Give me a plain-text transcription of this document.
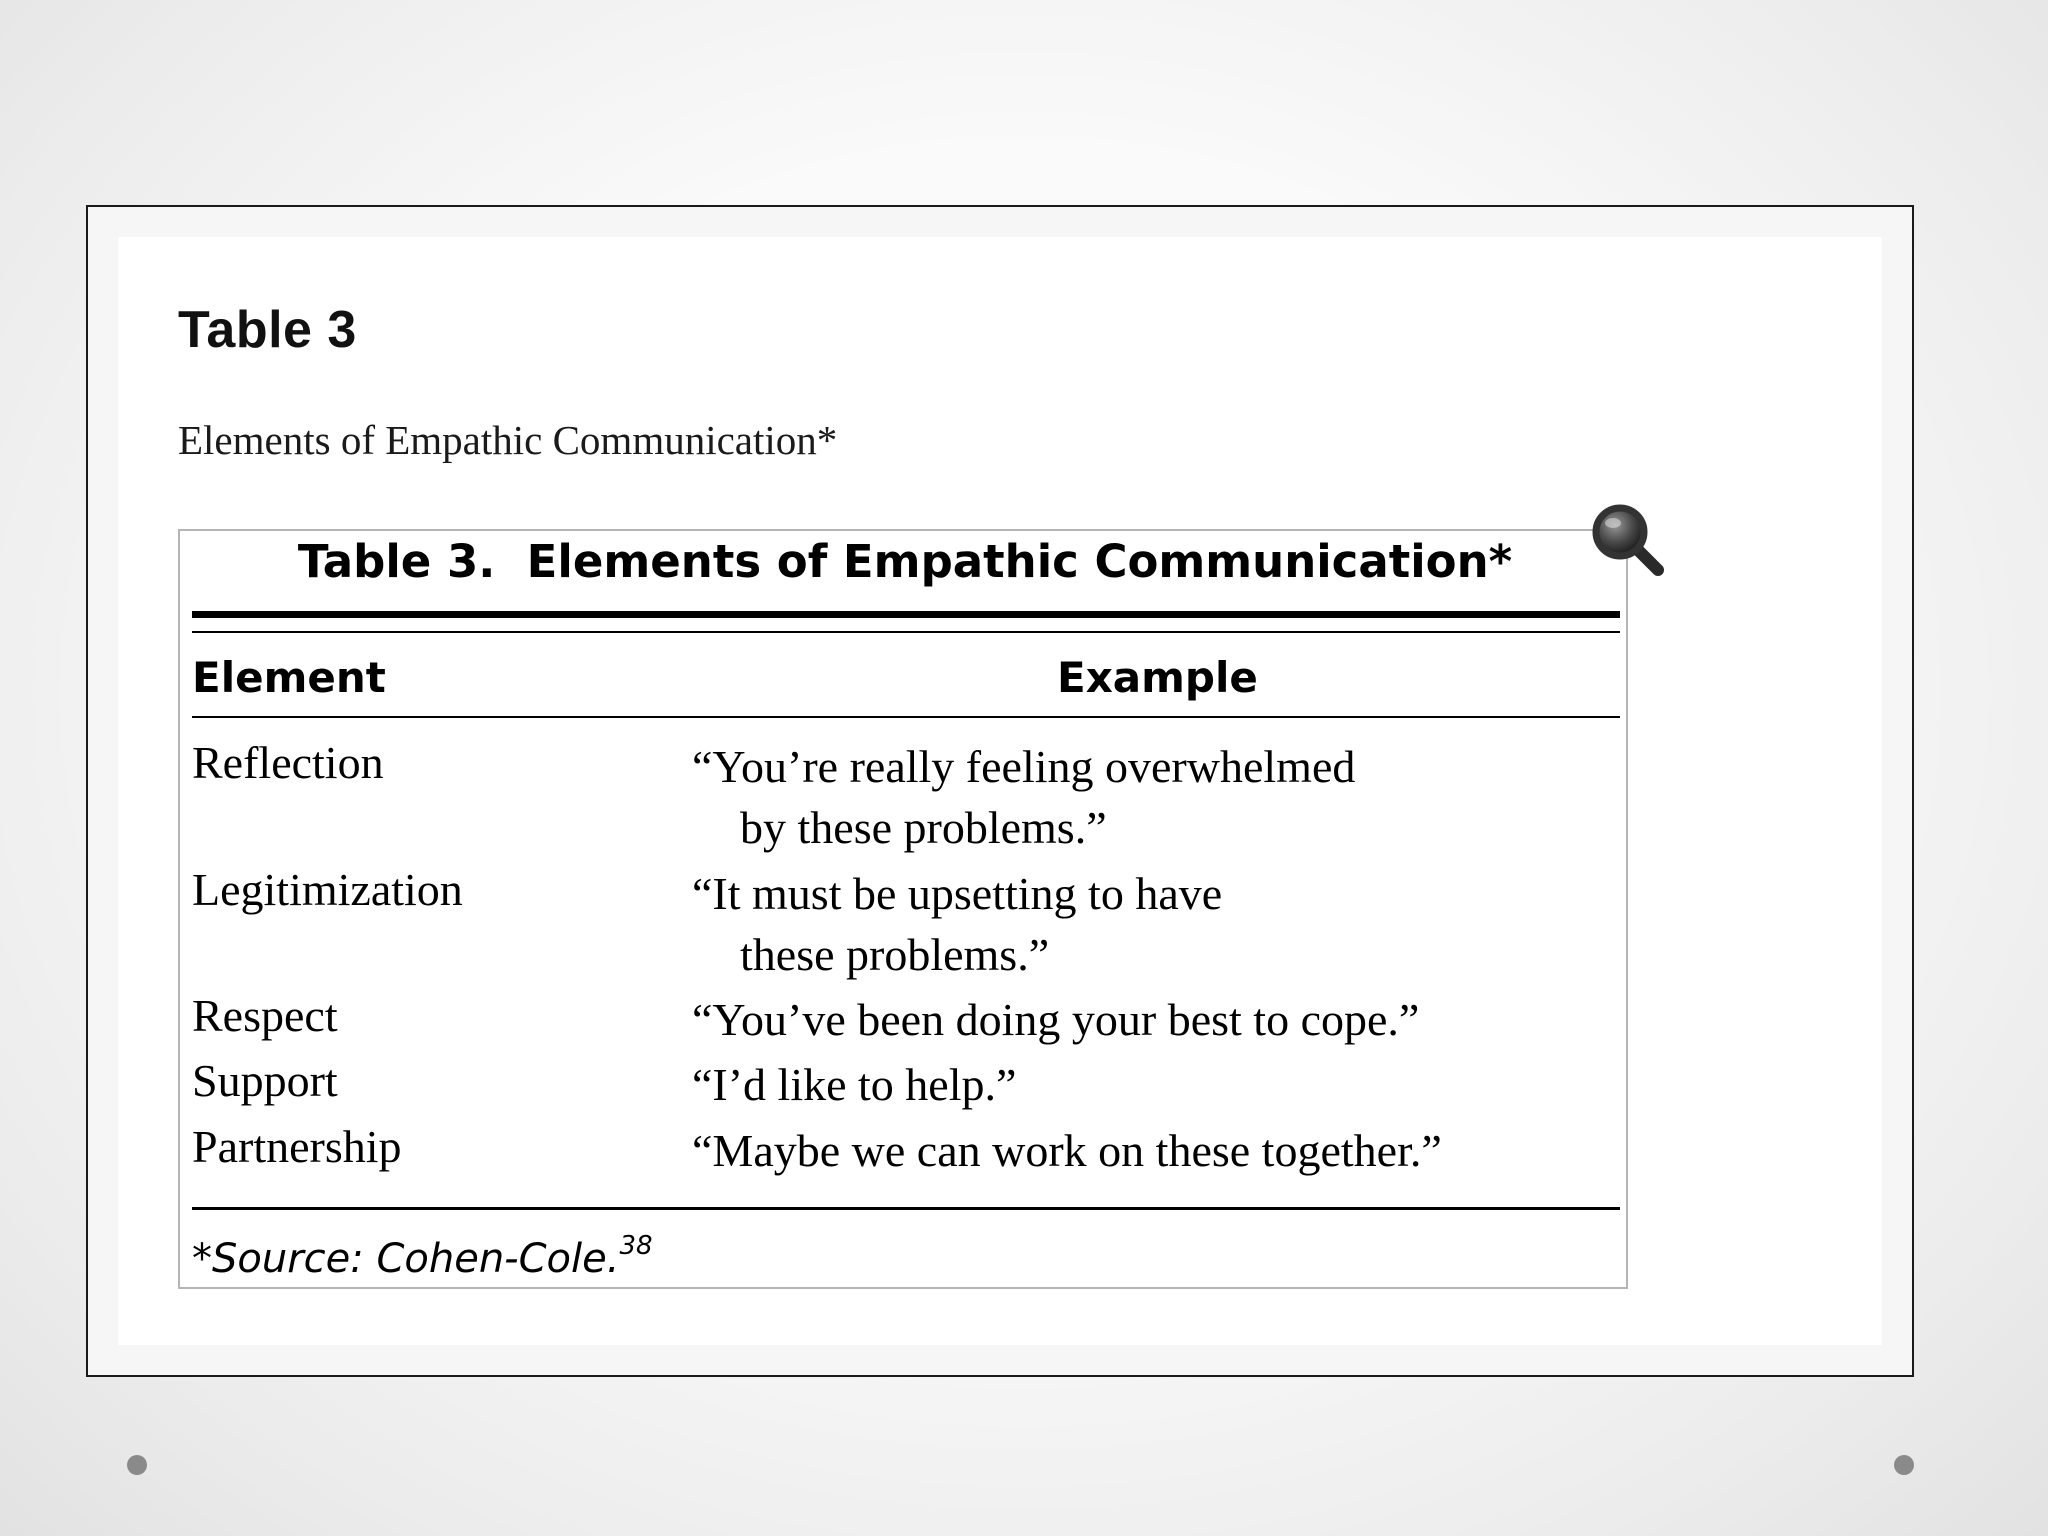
Table 3

Elements of Empathic Communication*

Table 3.  Elements of Empathic Communication*
Element	Example
Reflection	“You’re really feeling overwhelmed
by these problems.”
Legitimization	“It must be upsetting to have
these problems.”
Respect	“You’ve been doing your best to cope.”
Support	“I’d like to help.”
Partnership	“Maybe we can work on these together.”
*Source: Cohen-Cole.$^{38}$
